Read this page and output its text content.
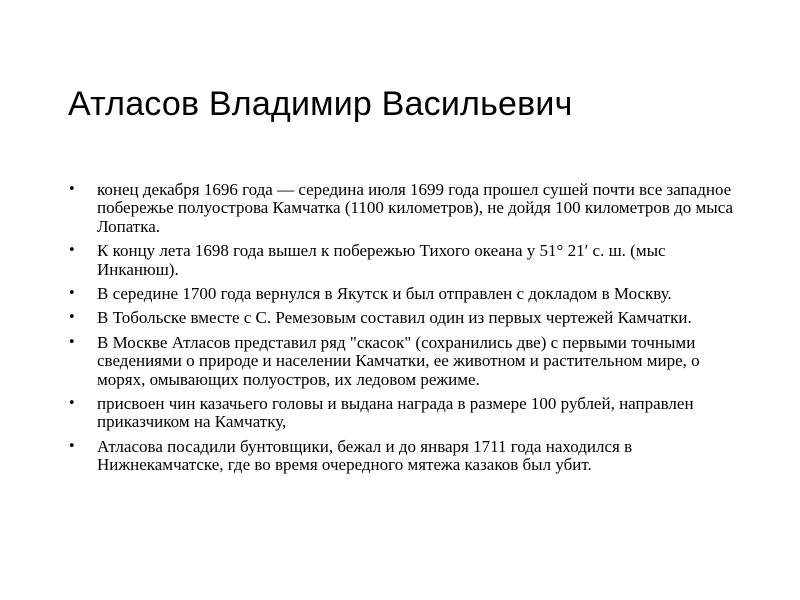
Атласов Владимир Васильевич
• конец декабря 1696 года — середина июля 1699 года прошел сушей почти все западное побережье полуострова Камчатка (1100 километров), не дойдя 100 километров до мыса Лопатка.
• К концу лета 1698 года вышел к побережью Тихого океана у 51° 21′ с. ш. (мыс Инканюш).
• В середине 1700 года вернулся в Якутск и был отправлен с докладом в Москву.
• В Тобольске вместе с С. Ремезовым составил один из первых чертежей Камчатки.
• В Москве Атласов представил ряд "скасок" (сохранились две) с первыми точными сведениями о природе и населении Камчатки, ее животном и растительном мире, о морях, омывающих полуостров, их ледовом режиме.
• присвоен чин казачьего головы и выдана награда в размере 100 рублей, направлен приказчиком на Камчатку,
• Атласова посадили бунтовщики, бежал и до января 1711 года находился в Нижнекамчатске, где во время очередного мятежа казаков был убит.
